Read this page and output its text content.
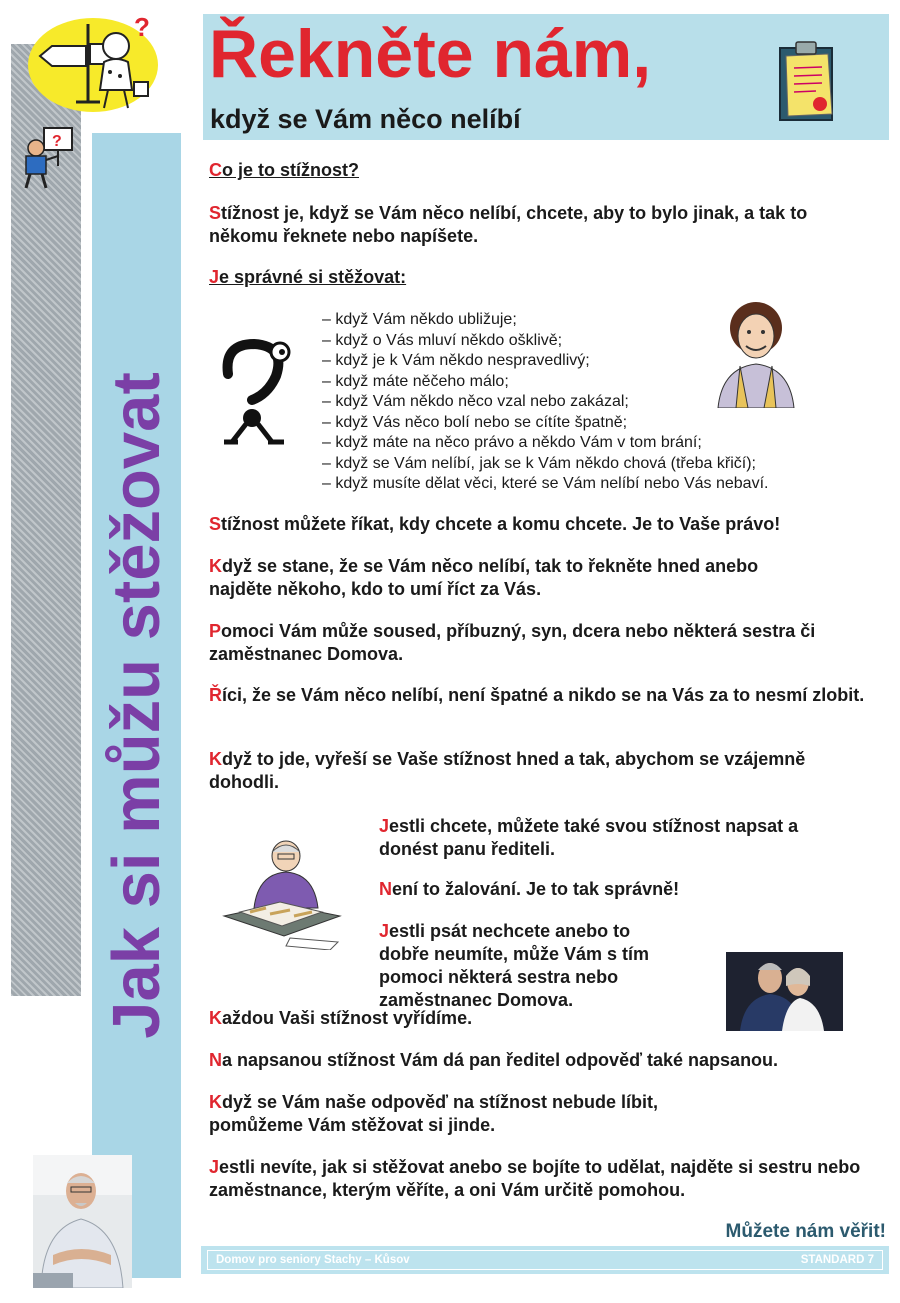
Jak si můžu stěžovat
?
?
Řekněte nám,
když se Vám něco nelíbí

Co je to stížnost?

Stížnost je, když se Vám něco nelíbí, chcete, aby to bylo jinak, a tak to někomu řeknete nebo napíšete.

Je správné si stěžovat:

– když Vám někdo ubližuje;
– když o Vás mluví někdo ošklivě;
– když je k Vám někdo nespravedlivý;
– když máte něčeho málo;
– když Vám někdo něco vzal nebo zakázal;
– když Vás něco bolí nebo se cítíte špatně;
– když máte na něco právo a někdo Vám v tom brání;
– když se Vám nelíbí, jak se k Vám někdo chová (třeba křičí);
– když musíte dělat věci, které se Vám nelíbí nebo Vás nebaví.

Stížnost můžete říkat, kdy chcete a komu chcete. Je to Vaše právo!

Když se stane, že se Vám něco nelíbí, tak to řekněte hned anebo najděte někoho, kdo to umí říct za Vás.

Pomoci Vám může soused, příbuzný, syn, dcera nebo některá sestra či zaměstnanec Domova.

Říci, že se Vám něco nelíbí, není špatné a nikdo se na Vás za to nesmí zlobit.

Když to jde, vyřeší se Vaše stížnost hned a tak, abychom se vzájemně dohodli.

Jestli chcete, můžete také svou stížnost napsat a donést panu řediteli.

Není to žalování. Je to tak správně!

Jestli psát nechcete anebo to dobře neumíte, může Vám s tím pomoci některá sestra nebo zaměstnanec Domova.

Každou Vaši stížnost vyřídíme.

Na napsanou stížnost Vám dá pan ředitel odpověď také napsanou.

Když se Vám naše odpověď na stížnost nebude líbit, pomůžeme Vám stěžovat si jinde.

Jestli nevíte, jak si stěžovat anebo se bojíte to udělat, najděte si sestru nebo zaměstnance, kterým věříte, a oni Vám určitě pomohou.

Můžete nám věřit!
Domov pro seniory Stachy – Kůsov	STANDARD 7
